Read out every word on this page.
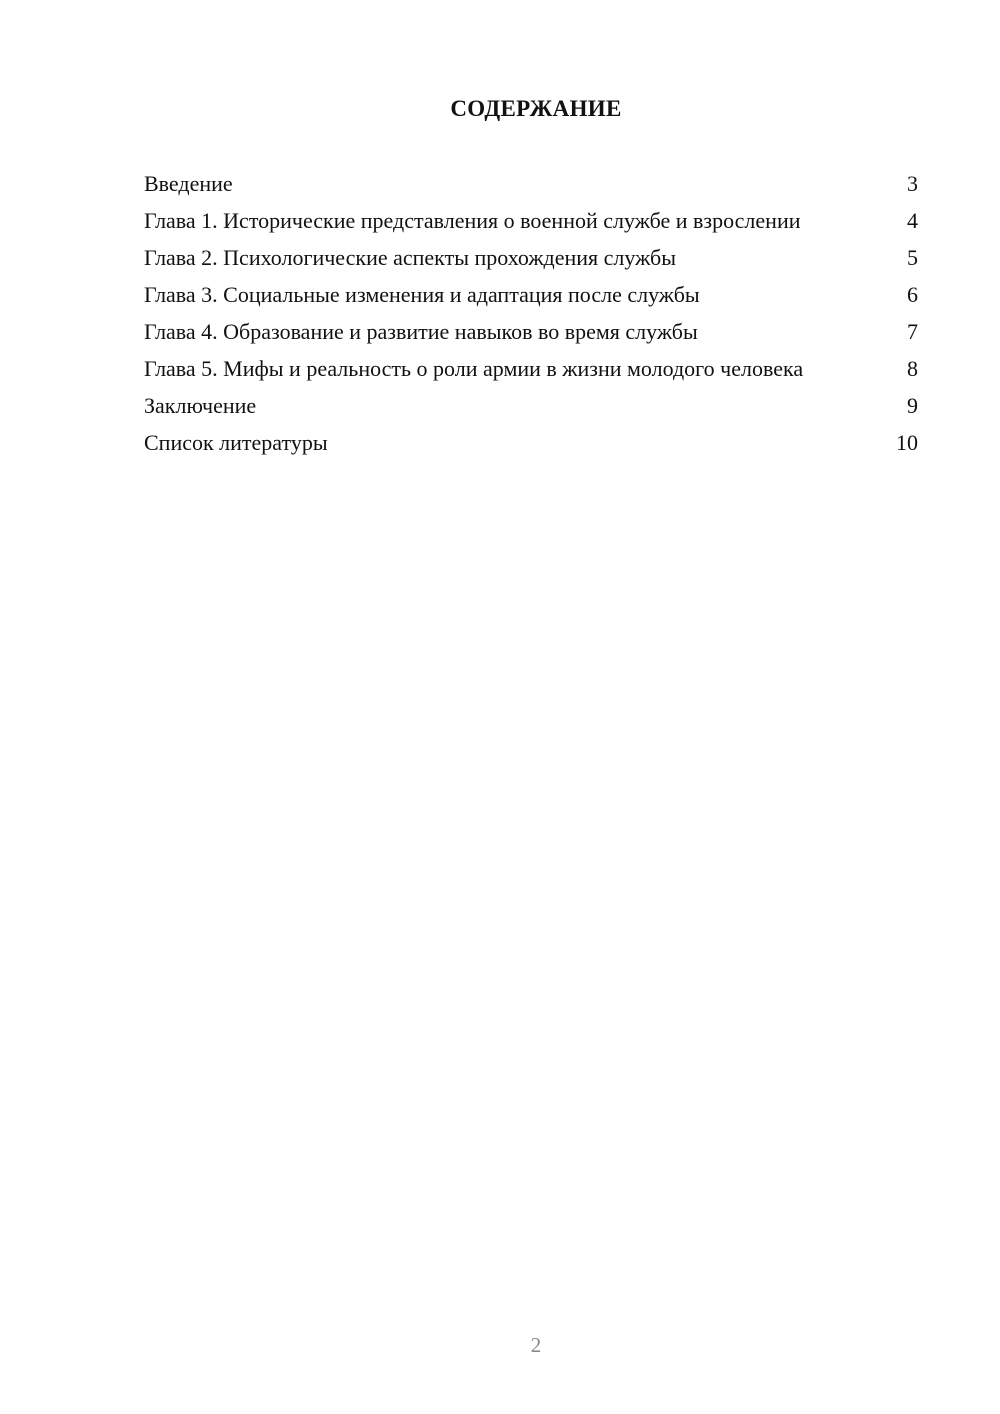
СОДЕРЖАНИЕ
Введение	3
Глава 1. Исторические представления о военной службе и взрослении	4
Глава 2. Психологические аспекты прохождения службы	5
Глава 3. Социальные изменения и адаптация после службы	6
Глава 4. Образование и развитие навыков во время службы	7
Глава 5. Мифы и реальность о роли армии в жизни молодого человека	8
Заключение	9
Список литературы	10
2
